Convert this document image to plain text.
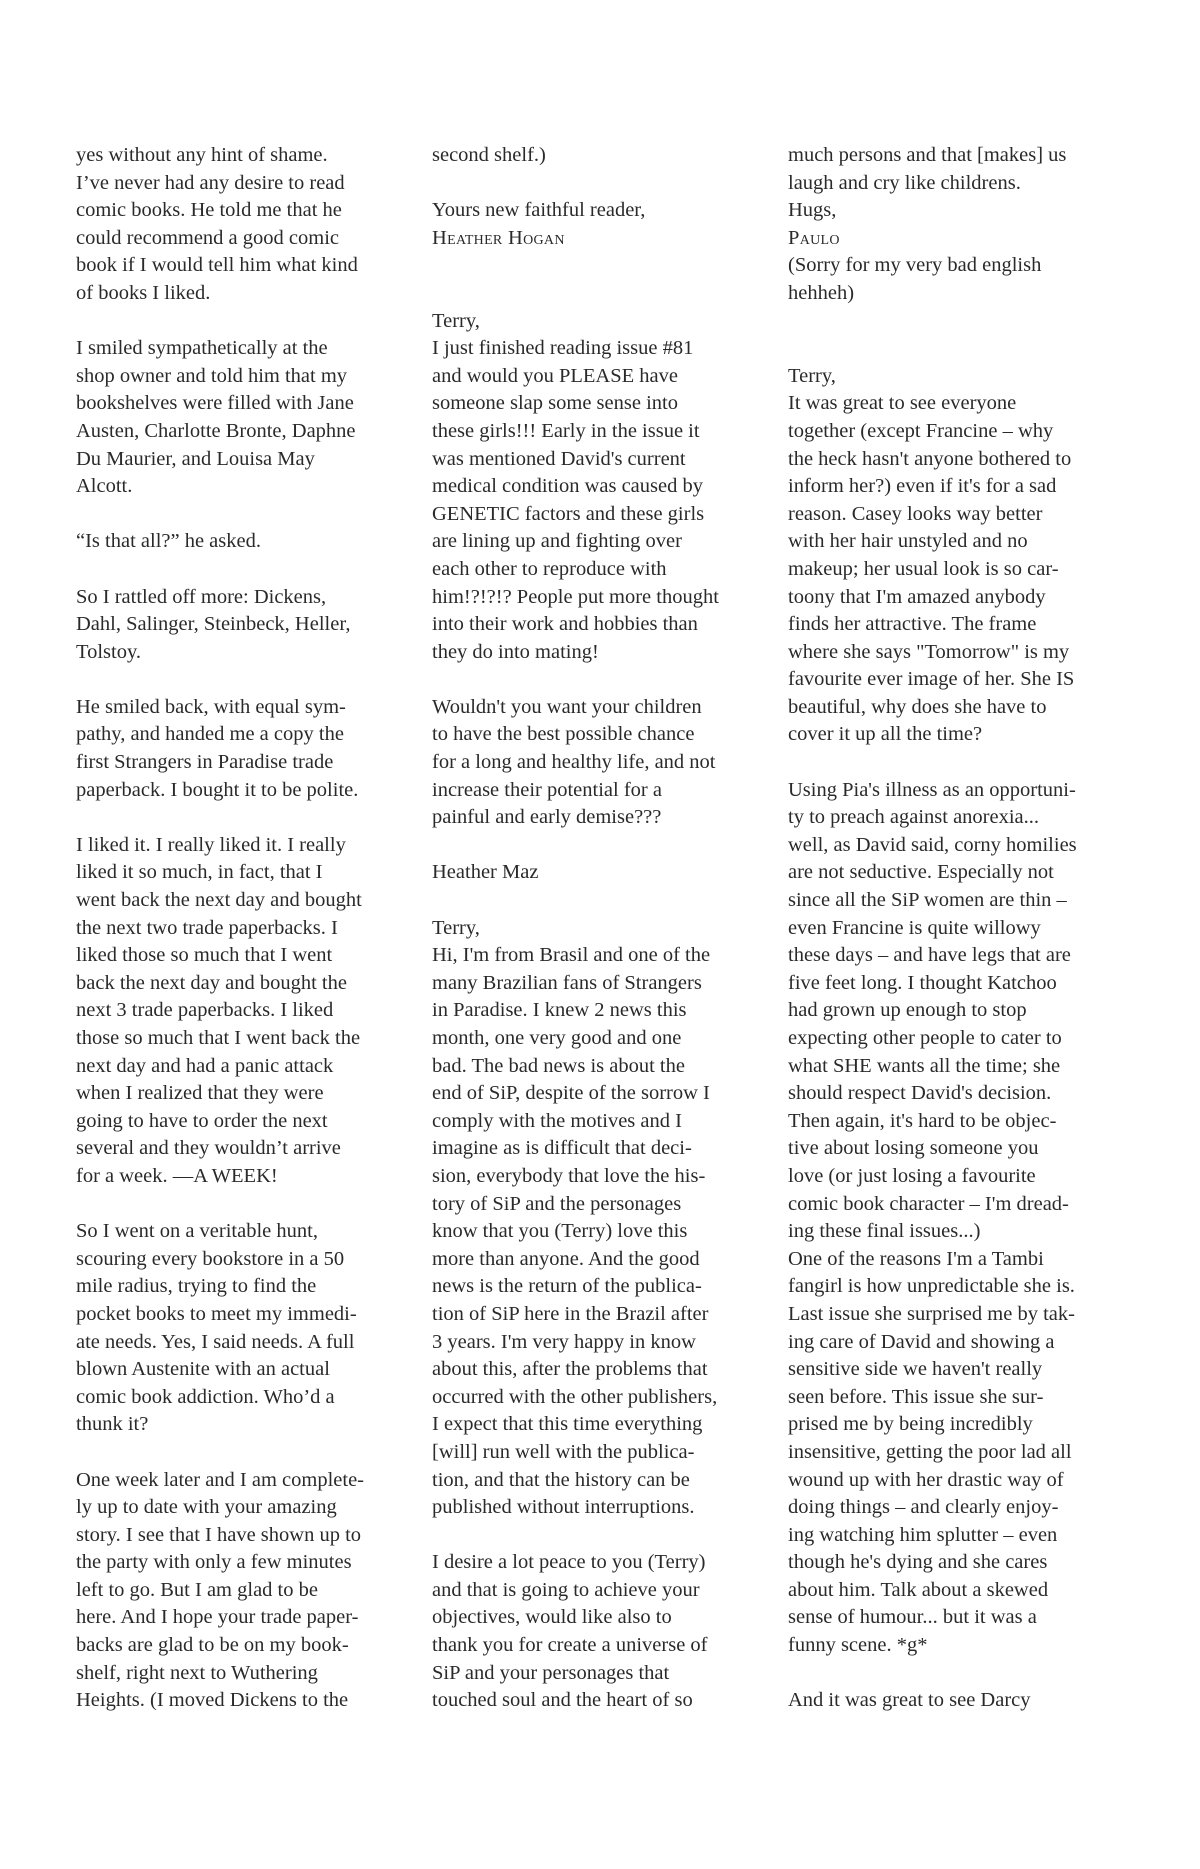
yes without any hint of shame.
I’ve never had any desire to read
comic books. He told me that he
could recommend a good comic
book if I would tell him what kind
of books I liked.
I smiled sympathetically at the
shop owner and told him that my
bookshelves were filled with Jane
Austen, Charlotte Bronte, Daphne
Du Maurier, and Louisa May
Alcott.
“Is that all?” he asked.
So I rattled off more: Dickens,
Dahl, Salinger, Steinbeck, Heller,
Tolstoy.
He smiled back, with equal sym-
pathy, and handed me a copy the
first Strangers in Paradise trade
paperback. I bought it to be polite.
I liked it. I really liked it. I really
liked it so much, in fact, that I
went back the next day and bought
the next two trade paperbacks. I
liked those so much that I went
back the next day and bought the
next 3 trade paperbacks. I liked
those so much that I went back the
next day and had a panic attack
when I realized that they were
going to have to order the next
several and they wouldn’t arrive
for a week. —A WEEK!
So I went on a veritable hunt,
scouring every bookstore in a 50
mile radius, trying to find the
pocket books to meet my immedi-
ate needs. Yes, I said needs. A full
blown Austenite with an actual
comic book addiction. Who’d a
thunk it?
One week later and I am complete-
ly up to date with your amazing
story. I see that I have shown up to
the party with only a few minutes
left to go. But I am glad to be
here. And I hope your trade paper-
backs are glad to be on my book-
shelf, right next to Wuthering
Heights. (I moved Dickens to the
second shelf.)
Yours new faithful reader,
Heather Hogan
Terry,
I just finished reading issue #81
and would you PLEASE have
someone slap some sense into
these girls!!! Early in the issue it
was mentioned David's current
medical condition was caused by
GENETIC factors and these girls
are lining up and fighting over
each other to reproduce with
him!?!?!? People put more thought
into their work and hobbies than
they do into mating!
Wouldn't you want your children
to have the best possible chance
for a long and healthy life, and not
increase their potential for a
painful and early demise???
Heather Maz
Terry,
Hi, I'm from Brasil and one of the
many Brazilian fans of Strangers
in Paradise. I knew 2 news this
month, one very good and one
bad. The bad news is about the
end of SiP, despite of the sorrow I
comply with the motives and I
imagine as is difficult that deci-
sion, everybody that love the his-
tory of SiP and the personages
know that you (Terry) love this
more than anyone. And the good
news is the return of the publica-
tion of SiP here in the Brazil after
3 years. I'm very happy in know
about this, after the problems that
occurred with the other publishers,
I expect that this time everything
[will] run well with the publica-
tion, and that the history can be
published without interruptions.
I desire a lot peace to you (Terry)
and that is going to achieve your
objectives, would like also to
thank you for create a universe of
SiP and your personages that
touched soul and the heart of so
much persons and that [makes] us
laugh and cry like childrens.
Hugs,
Paulo
(Sorry for my very bad english
hehheh)
Terry,
It was great to see everyone
together (except Francine – why
the heck hasn't anyone bothered to
inform her?) even if it's for a sad
reason. Casey looks way better
with her hair unstyled and no
makeup; her usual look is so car-
toony that I'm amazed anybody
finds her attractive. The frame
where she says "Tomorrow" is my
favourite ever image of her. She IS
beautiful, why does she have to
cover it up all the time?
Using Pia's illness as an opportuni-
ty to preach against anorexia...
well, as David said, corny homilies
are not seductive. Especially not
since all the SiP women are thin –
even Francine is quite willowy
these days – and have legs that are
five feet long. I thought Katchoo
had grown up enough to stop
expecting other people to cater to
what SHE wants all the time; she
should respect David's decision.
Then again, it's hard to be objec-
tive about losing someone you
love (or just losing a favourite
comic book character – I'm dread-
ing these final issues...)
One of the reasons I'm a Tambi
fangirl is how unpredictable she is.
Last issue she surprised me by tak-
ing care of David and showing a
sensitive side we haven't really
seen before. This issue she sur-
prised me by being incredibly
insensitive, getting the poor lad all
wound up with her drastic way of
doing things – and clearly enjoy-
ing watching him splutter – even
though he's dying and she cares
about him. Talk about a skewed
sense of humour... but it was a
funny scene. *g*
And it was great to see Darcy
